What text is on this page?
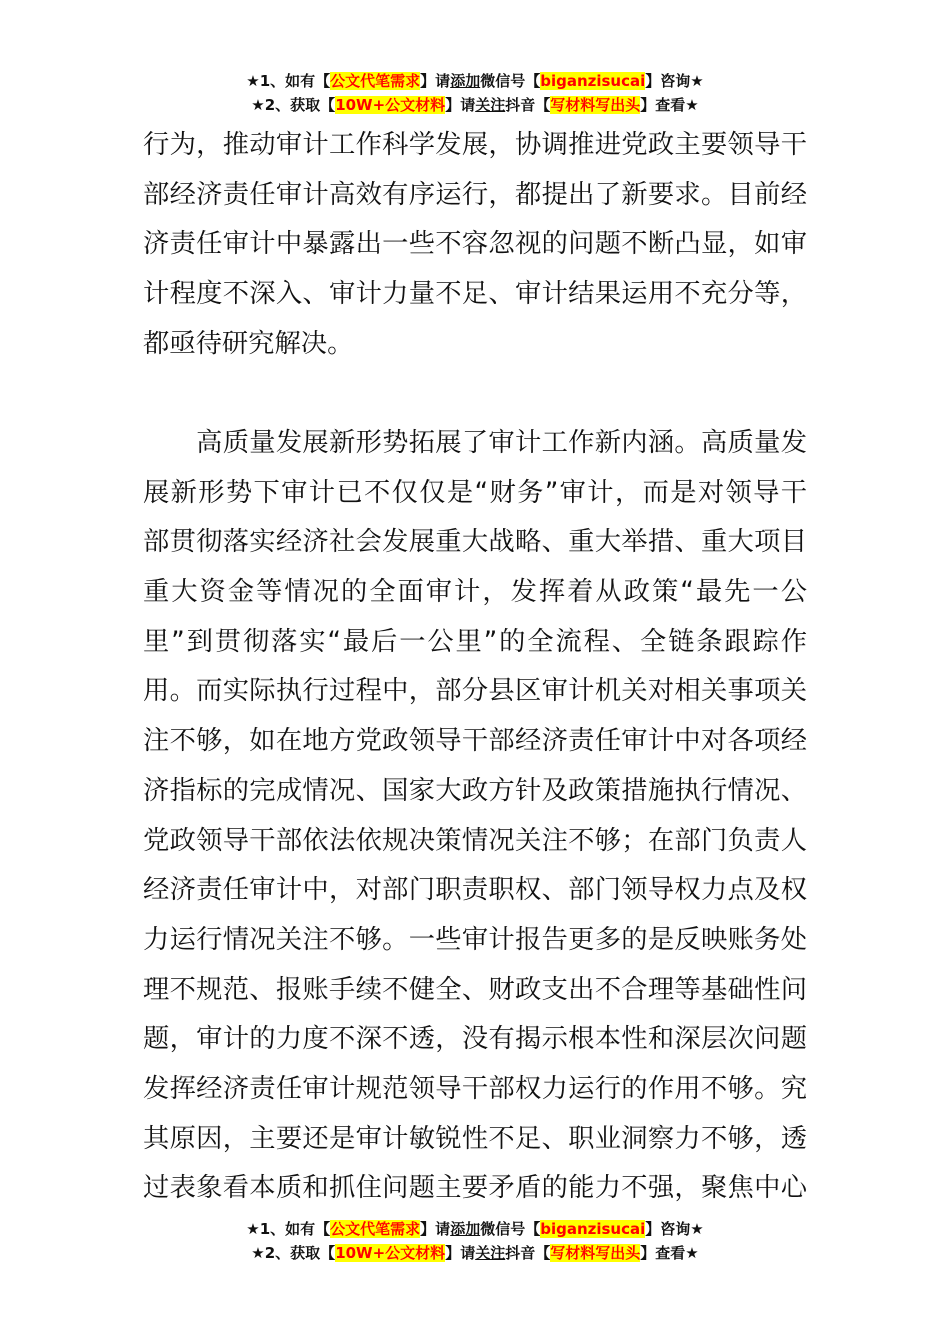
★1、如有【公文代笔需求】请添加微信号【biganzisucai】咨询★
★2、获取【10W+公文材料】请关注抖音【写材料写出头】查看★
行为，推动审计工作科学发展，协调推进党政主要领导干
部经济责任审计高效有序运行，都提出了新要求。目前经
济责任审计中暴露出一些不容忽视的问题不断凸显，如审
计程度不深入、审计力量不足、审计结果运用不充分等，
都亟待研究解决。
　　高质量发展新形势拓展了审计工作新内涵。高质量发
展新形势下审计已不仅仅是“财务”审计，而是对领导干
部贯彻落实经济社会发展重大战略、重大举措、重大项目
重大资金等情况的全面审计，发挥着从政策“最先一公
里”到贯彻落实“最后一公里”的全流程、全链条跟踪作
用。而实际执行过程中，部分县区审计机关对相关事项关
注不够，如在地方党政领导干部经济责任审计中对各项经
济指标的完成情况、国家大政方针及政策措施执行情况、
党政领导干部依法依规决策情况关注不够；在部门负责人
经济责任审计中，对部门职责职权、部门领导权力点及权
力运行情况关注不够。一些审计报告更多的是反映账务处
理不规范、报账手续不健全、财政支出不合理等基础性问
题，审计的力度不深不透，没有揭示根本性和深层次问题
发挥经济责任审计规范领导干部权力运行的作用不够。究
其原因，主要还是审计敏锐性不足、职业洞察力不够，透
过表象看本质和抓住问题主要矛盾的能力不强，聚焦中心
★1、如有【公文代笔需求】请添加微信号【biganzisucai】咨询★
★2、获取【10W+公文材料】请关注抖音【写材料写出头】查看★
